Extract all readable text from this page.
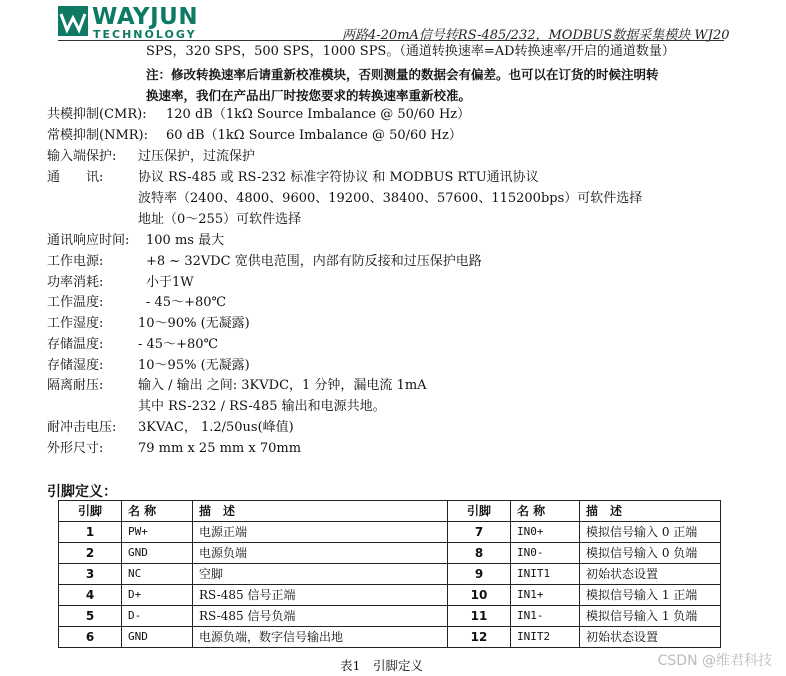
WAYJUN
TECHNOLOGY	两路4-20mA信号转RS-485/232，MODBUS数据采集模块 WJ20
SPS，320 SPS，500 SPS，1000 SPS。（通道转换速率=AD转换速率/开启的通道数量）
注：修改转换速率后请重新校准模块，否则测量的数据会有偏差。也可以在订货的时候注明转
换速率，我们在产品出厂时按您要求的转换速率重新校准。
共模抑制(CMR): 120 dB（1kΩ Source Imbalance @ 50/60 Hz）
常模抑制(NMR): 60 dB（1kΩ Source Imbalance @ 50/60 Hz）
输入端保护: 过压保护，过流保护
通　　讯:	协议 RS-485 或 RS-232 标准字符协议 和 MODBUS RTU通讯协议
波特率（2400、4800、9600、19200、38400、57600、115200bps）可软件选择
地址（0～255）可软件选择
通讯响应时间: 100 ms 最大
工作电源:	+8 ~ 32VDC 宽供电范围，内部有防反接和过压保护电路
功率消耗:	小于1W
工作温度:	- 45～+80℃
工作湿度:	10～90% (无凝露)
存储温度:	- 45～+80℃
存储湿度:	10～95% (无凝露)
隔离耐压:	输入 / 输出 之间: 3KVDC，1 分钟，漏电流 1mA
其中 RS-232 / RS-485 输出和电源共地。
耐冲击电压: 3KVAC， 1.2/50us(峰值)
外形尺寸:	79 mm x 25 mm x 70mm
引脚定义：
引脚	名 称	描　述	引脚	名 称	描　述
1	PW+	电源正端	7	IN0+	模拟信号输入 0 正端
2	GND	电源负端	8	IN0-	模拟信号输入 0 负端
3	NC	空脚	9	INIT1	初始状态设置
4	D+	RS-485 信号正端	10	IN1+	模拟信号输入 1 正端
5	D-	RS-485 信号负端	11	IN1-	模拟信号输入 1 负端
6	GND	电源负端，数字信号输出地	12	INIT2	初始状态设置
表1　引脚定义	CSDN @维君科技
